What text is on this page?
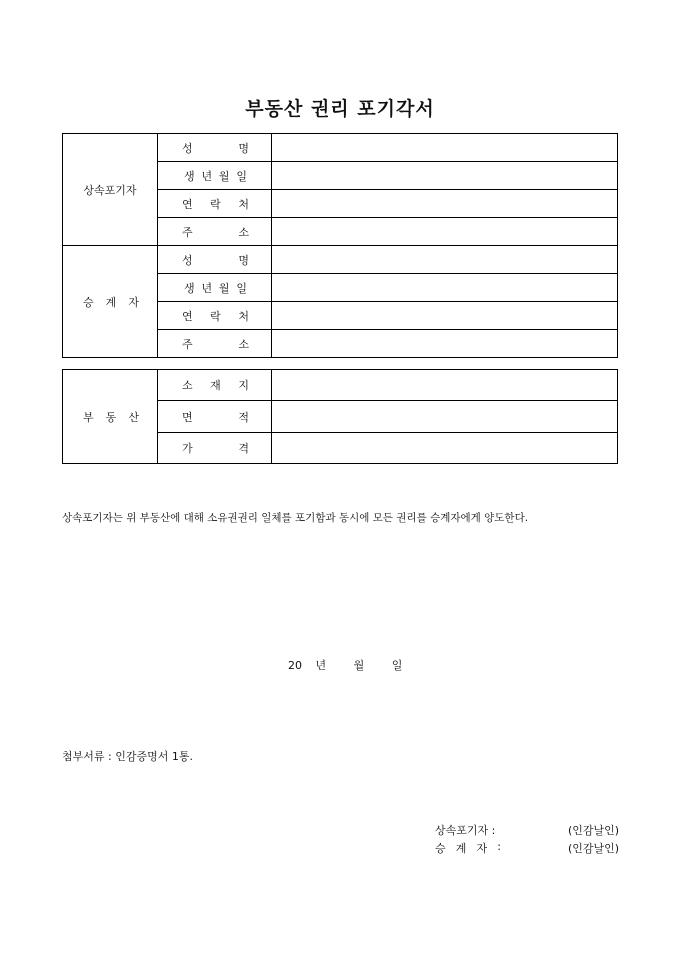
부동산 권리 포기각서
상속포기자	성 명	

	생 년 월 일	

	연 락 처	

	주 소	

승 계 자	성 명	

	생 년 월 일	

	연 락 처	

	주 소	

부 동 산	소 재 지	

	면 적	

	가 격	

상속포기자는 위 부동산에 대해 소유권권리 일체를 포기함과 동시에 모든 권리를 승계자에게 양도한다.
20 년	월	일
첨부서류 : 인감증명서 1통.
상속포기자 :	(인감날인)
승 계 자 :	(인감날인)
